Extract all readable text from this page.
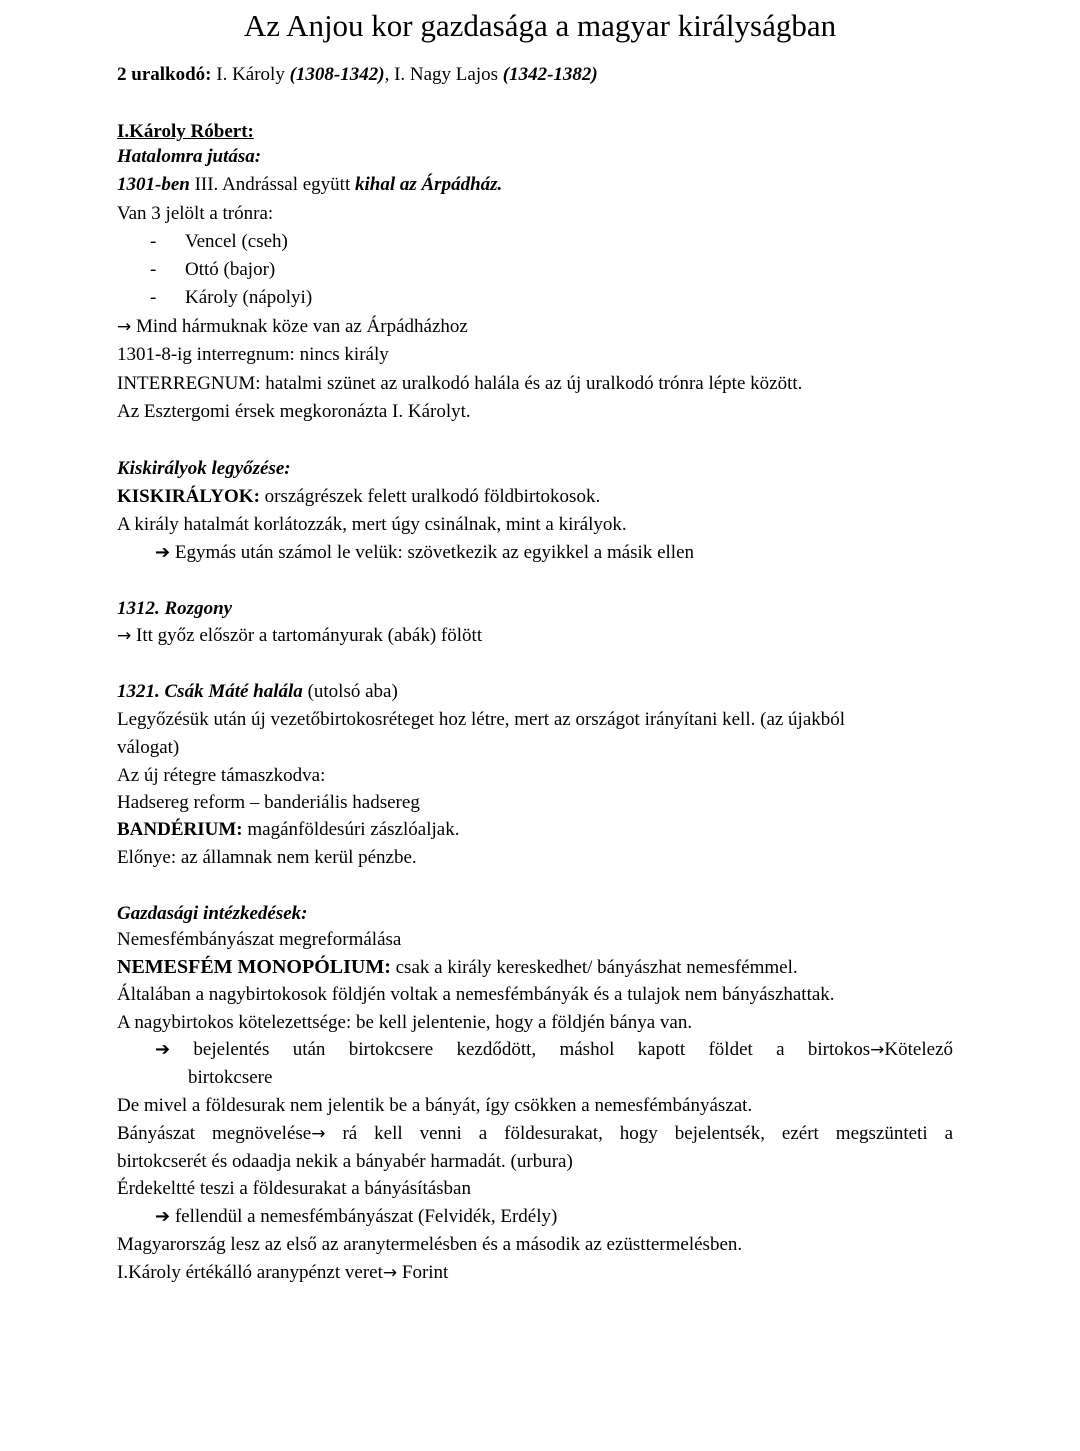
Az Anjou kor gazdasága a magyar királyságban
2 uralkodó: I. Károly (1308-1342), I. Nagy Lajos (1342-1382)
I.Károly Róbert:
Hatalomra jutása:
1301-ben III. Andrással együtt kihal az Árpádház.
Van 3 jelölt a trónra:
- Vencel (cseh)
- Ottó (bajor)
- Károly (nápolyi)
→ Mind hármuknak köze van az Árpádházhoz
1301-8-ig interregnum: nincs király
INTERREGNUM: hatalmi szünet az uralkodó halála és az új uralkodó trónra lépte között.
Az Esztergomi érsek megkoronázta I. Károlyt.
Kiskirályok legyőzése:
KISKIRÁLYOK: országrészek felett uralkodó földbirtokosok.
A király hatalmát korlátozzák, mert úgy csinálnak, mint a királyok.
➔ Egymás után számol le velük: szövetkezik az egyikkel a másik ellen
1312. Rozgony
→ Itt győz először a tartományurak (abák) fölött
1321. Csák Máté halála (utolsó aba)
Legyőzésük után új vezetőbirtokosréteget hoz létre, mert az országot irányítani kell. (az újakból
válogat)
Az új rétegre támaszkodva:
Hadsereg reform – banderiális hadsereg
BANDÉRIUM: magánföldesúri zászlóaljak.
Előnye: az államnak nem kerül pénzbe.
Gazdasági intézkedések:
Nemesfémbányászat megreformálása
NEMESFÉM MONOPÓLIUM: csak a király kereskedhet/ bányászhat nemesfémmel.
Általában a nagybirtokosok földjén voltak a nemesfémbányák és a tulajok nem bányászhattak.
A nagybirtokos kötelezettsége: be kell jelentenie, hogy a földjén bánya van.
➔ bejelentés után birtokcsere kezdődött, máshol kapott földet a birtokos→Kötelező
birtokcsere
De mivel a földesurak nem jelentik be a bányát, így csökken a nemesfémbányászat.
Bányászat megnövelése→ rá kell venni a földesurakat, hogy bejelentsék, ezért megszünteti a
birtokcserét és odaadja nekik a bányabér harmadát. (urbura)
Érdekeltté teszi a földesurakat a bányásításban
➔ fellendül a nemesfémbányászat (Felvidék, Erdély)
Magyarország lesz az első az aranytermelésben és a második az ezüsttermelésben.
I.Károly értékálló aranypénzt veret→ Forint
